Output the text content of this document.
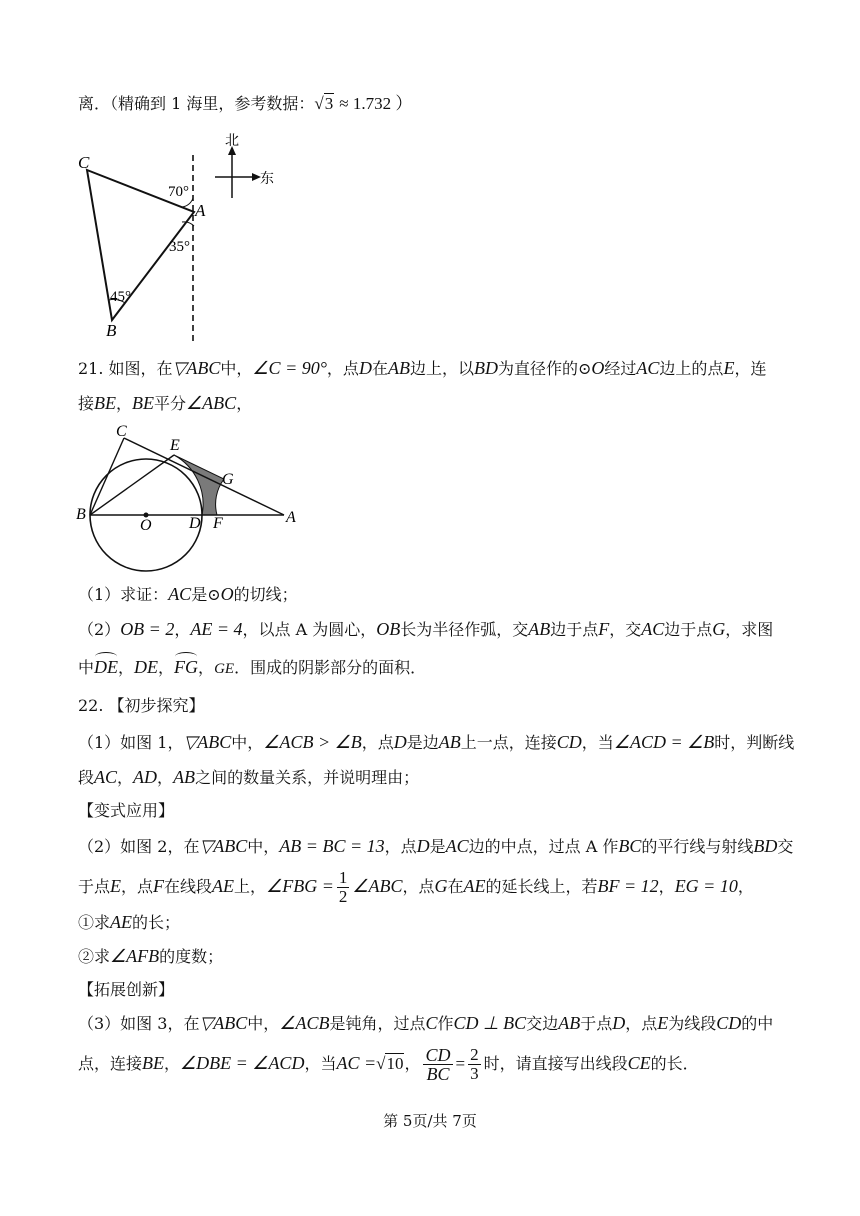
离．（精确到 1 海里，参考数据：√3 ≈ 1.732 ）
C
A
B
70°
35°
45°
北
东
21. 如图，在▽ABC中，∠C = 90°，点D在AB边上，以BD为直径作的⊙O经过AC边上的点E，连
接BE，BE平分∠ABC，
C
E
G
B
O D F	A
（1）求证：AC是⊙O的切线；
（2）OB = 2，AE = 4，以点 A 为圆心，OB长为半径作弧，交AB边于点F，交AC边于点G，求图
中DE，DE，FG，GE．围成的阴影部分的面积．
22. 【初步探究】
（1）如图 1，▽ABC中，∠ACB > ∠B，点D是边AB上一点，连接CD，当∠ACD = ∠B时，判断线
段AC，AD，AB之间的数量关系，并说明理由；
【变式应用】
（2）如图 2，在▽ABC中，AB = BC = 13，点D是AC边的中点，过点 A 作BC的平行线与射线BD交
于点E，点F在线段AE上，∠FBG = $\frac{1}{2}$ ∠ABC，点G在AE的延长线上，若BF = 12，EG = 10，
①求AE的长；
②求∠AFB的度数；
【拓展创新】
（3）如图 3，在▽ABC中，∠ACB是钝角，过点C作CD ⊥ BC交边AB于点D，点E为线段CD的中
点，连接BE，∠DBE = ∠ACD，当AC =√10， $\frac{CD}{BC} = \frac{2}{3}$ 时，请直接写出线段CE的长．
第 5页/共 7页
